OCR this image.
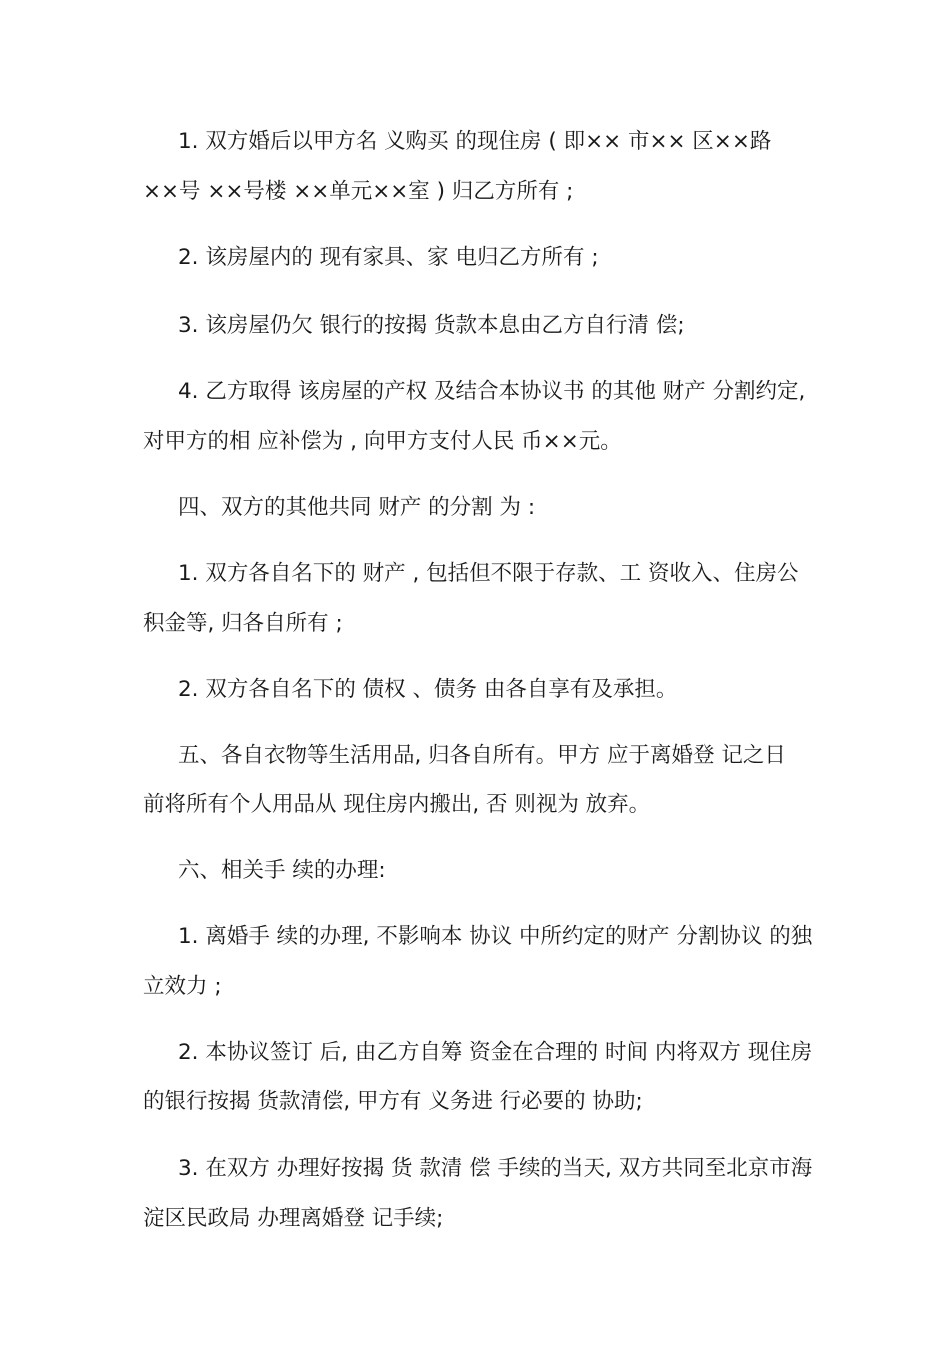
1. 双方婚后以甲方名 义购买 的现住房 ( 即×× 市×× 区××路
××号 ××号楼 ××单元××室 ) 归乙方所有 ;
2. 该房屋内的 现有家具、家 电归乙方所有 ;
3. 该房屋仍欠 银行的按揭 货款本息由乙方自行清 偿;
4. 乙方取得 该房屋的产权 及结合本协议书 的其他 财产 分割约定,
对甲方的相 应补偿为 , 向甲方支付人民 币××元。
四、双方的其他共同 财产 的分割 为 :
1. 双方各自名下的 财产 , 包括但不限于存款、工 资收入、住房公
积金等, 归各自所有 ;
2. 双方各自名下的 债权 、债务 由各自享有及承担。
五、各自衣物等生活用品, 归各自所有。甲方 应于离婚登 记之日
前将所有个人用品从 现住房内搬出, 否 则视为 放弃。
六、相关手 续的办理:
1. 离婚手 续的办理, 不影响本 协议 中所约定的财产 分割协议 的独
立效力 ;
2. 本协议签订 后, 由乙方自筹 资金在合理的 时间 内将双方 现住房
的银行按揭 货款清偿, 甲方有 义务进 行必要的 协助;
3. 在双方 办理好按揭 货 款清 偿 手续的当天, 双方共同至北京市海
淀区民政局 办理离婚登 记手续;
